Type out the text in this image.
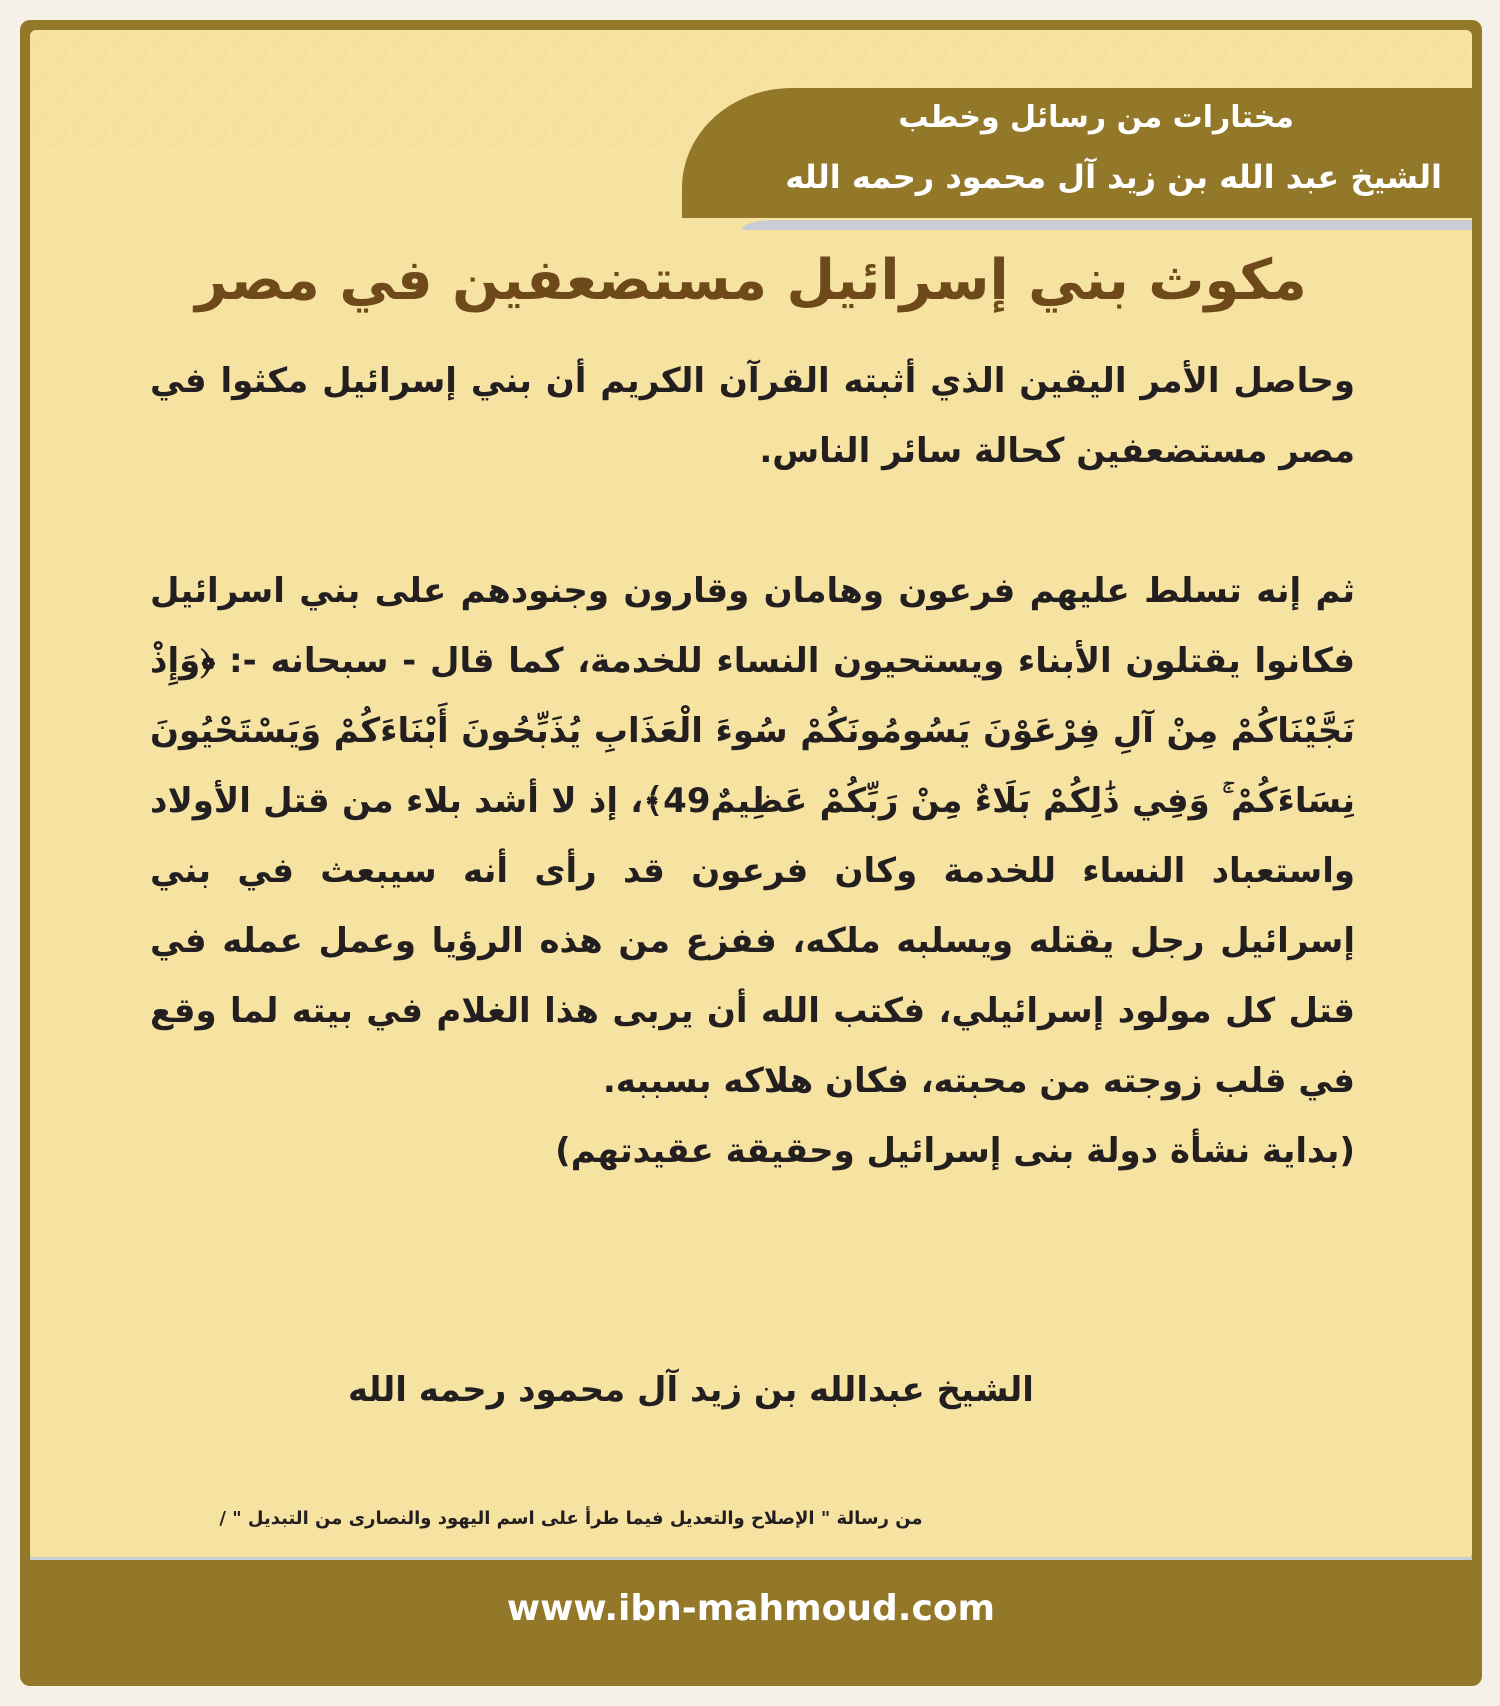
مختارات من رسائل وخطب
الشيخ عبد الله بن زيد آل محمود رحمه الله
مكوث بني إسرائيل مستضعفين في مصر

وحاصل الأمر اليقين الذي أثبته القرآن الكريم أن بني إسرائيل مكثوا في مصر مستضعفين كحالة سائر الناس.

ثم إنه تسلط عليهم فرعون وهامان وقارون وجنودهم على بني اسرائيل فكانوا يقتلون الأبناء ويستحيون النساء للخدمة، كما قال - سبحانه -: ﴿وَإِذْ نَجَّيْنَاكُمْ مِنْ آلِ فِرْعَوْنَ يَسُومُونَكُمْ سُوءَ الْعَذَابِ يُذَبِّحُونَ أَبْنَاءَكُمْ وَيَسْتَحْيُونَ نِسَاءَكُمْ ۚ وَفِي ذَٰلِكُمْ بَلَاءٌ مِنْ رَبِّكُمْ عَظِيمٌ49﴾، إذ لا أشد بلاء من قتل الأولاد واستعباد النساء للخدمة وكان فرعون قد رأى أنه سيبعث في بني إسرائيل رجل يقتله ويسلبه ملكه، ففزع من هذه الرؤيا وعمل عمله في قتل كل مولود إسرائيلي، فكتب الله أن يربى هذا الغلام في بيته لما وقع في قلب زوجته من محبته، فكان هلاكه بسببه.

(بداية نشأة دولة بنى إسرائيل وحقيقة عقيدتهم)

الشيخ عبدالله بن زيد آل محمود رحمه الله
من رسالة " الإصلاح والتعديل فيما طرأ على اسم اليهود والنصارى من التبديل " /
www.ibn-mahmoud.com
